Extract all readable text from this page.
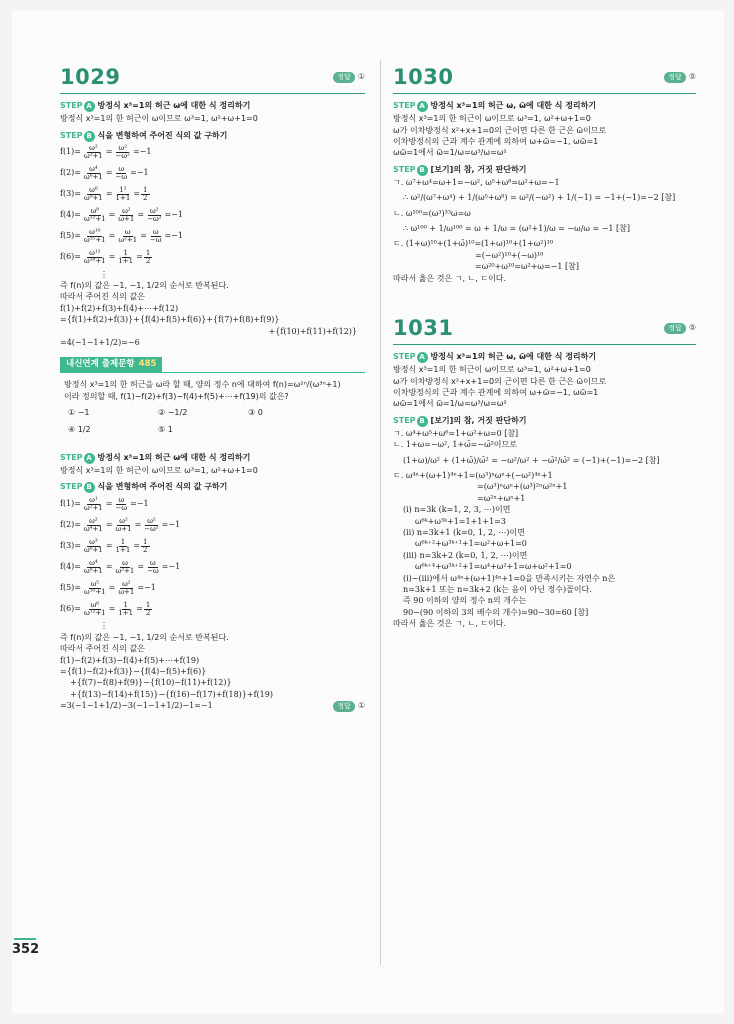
352
1029	정답 ①
STEP A 방정식 x³=1의 허근 ω에 대한 식 정리하기
방정식 x³=1의 한 허근이 ω이므로 ω³=1, ω²+ω+1=0
STEP B 식을 변형하여 주어진 식의 값 구하기
$f(1)= \frac{\text{ω²}}{\text{ω³+1}} = \frac{\text{ω²}}{\text{−ω²}} =-1$
$f(2)= \frac{\text{ω⁴}}{\text{ω⁶+1}} = \frac{\omega}{-\omega} =-1$
$f(3)= \frac{\text{ω⁶}}{\text{ω⁹+1}} = \frac{\text{1²}}{1+1} = \frac{1}{2}$
$f(4)= \frac{\text{ω⁸}}{\text{ω¹²+1}} = \frac{\text{ω²}}{\omega+1} = \frac{\text{ω²}}{\text{−ω²}} =-1$
$f(5)= \frac{\text{ω¹⁰}}{\text{ω¹⁵+1}} = \frac{\omega}{\text{ω²+1}} = \frac{\omega}{-\omega} =-1$
$f(6)= \frac{\text{ω¹²}}{\text{ω¹⁸+1}} = \frac{1}{1+1} = \frac{1}{2}$
⋮
즉 f(n)의 값은 −1, −1, 1/2의 순서로 반복된다.
따라서 주어진 식의 값은
f(1)+f(2)+f(3)+f(4)+⋯+f(12)
={f(1)+f(2)+f(3)}+{f(4)+f(5)+f(6)}+{f(7)+f(8)+f(9)}
+{f(10)+f(11)+f(12)}
=4(−1−1+1/2)=−6
내신연계 출제문항 485
방정식 x³=1의 한 허근을 ω라 할 때, 양의 정수 n에 대하여 f(n)=ω²ⁿ/(ω³ⁿ+1)
이라 정의할 때, f(1)−f(2)+f(3)−f(4)+f(5)+⋯+f(19)의 값은?
① −1	② −1/2	③ 0
④ 1/2	⑤ 1
STEP A 방정식 x³=1의 허근 ω에 대한 식 정리하기
방정식 x³=1의 한 허근이 ω이므로 ω³=1, ω²+ω+1=0
STEP B 식을 변형하여 주어진 식의 값 구하기
$f(1)= \frac{\text{ω¹}}{\text{ω²+1}} = \frac{\omega}{-\omega} =-1$
$f(2)= \frac{\text{ω²}}{\text{ω⁴+1}} = \frac{\text{ω²}}{\omega+1} = \frac{\text{ω²}}{\text{−ω²}} =-1$
$f(3)= \frac{\text{ω³}}{\text{ω⁶+1}} = \frac{1}{1+1} = \frac{1}{2}$
$f(4)= \frac{\text{ω⁴}}{\text{ω⁸+1}} = \frac{\omega}{\text{ω²+1}} = \frac{\omega}{-\omega} =-1$
$f(5)= \frac{\text{ω⁵}}{\text{ω¹⁰+1}} = \frac{\text{ω²}}{\omega+1} =-1$
$f(6)= \frac{\text{ω⁶}}{\text{ω¹²+1}} = \frac{1}{1+1} = \frac{1}{2}$
⋮
즉 f(n)의 값은 −1, −1, 1/2의 순서로 반복된다.
따라서 주어진 식의 값은
f(1)−f(2)+f(3)−f(4)+f(5)+⋯+f(19)
={f(1)−f(2)+f(3)}−{f(4)−f(5)+f(6)}
+{f(7)−f(8)+f(9)}−{f(10)−f(11)+f(12)}
+{f(13)−f(14)+f(15)}−{f(16)−f(17)+f(18)}+f(19)
=3(−1−1+1/2)−3(−1−1+1/2)−1=−1	정답 ①
1030	정답 ⑤
STEP A 방정식 x³=1의 허근 ω, ω̄에 대한 식 정리하기
방정식 x³=1의 한 허근이 ω이므로 ω³=1, ω²+ω+1=0
ω가 이차방정식 x²+x+1=0의 근이면 다른 한 근은 ω̄이므로
이차방정식의 근과 계수 관계에 의하여 ω+ω̄=−1, ωω̄=1
ωω̄=1에서 ω̄=1/ω=ω³/ω=ω²
STEP B [보기]의 참, 거짓 판단하기
ㄱ. ω⁷+ω⁴=ω+1=−ω², ω⁵+ω⁸=ω²+ω=−1
∴ ω²/(ω⁷+ω⁴) + 1/(ω⁵+ω⁸) = ω²/(−ω²) + 1/(−1) = −1+(−1)=−2 [참]
ㄴ. ω¹⁰⁰=(ω³)³³ω=ω
∴ ω¹⁰⁰ + 1/ω¹⁰⁰ = ω + 1/ω = (ω²+1)/ω = −ω/ω = −1 [참]
ㄷ. (1+ω)¹⁰+(1+ω̄)¹⁰=(1+ω)¹⁰+(1+ω²)¹⁰
=(−ω²)¹⁰+(−ω)¹⁰
=ω²⁰+ω¹⁰=ω²+ω=−1 [참]
따라서 옳은 것은 ㄱ, ㄴ, ㄷ이다.
1031	정답 ⑤
STEP A 방정식 x³=1의 허근 ω, ω̄에 대한 식 정리하기
방정식 x³=1의 한 허근이 ω이므로 ω³=1, ω²+ω+1=0
ω가 이차방정식 x²+x+1=0의 근이면 다른 한 근은 ω̄이므로
이차방정식의 근과 계수 관계에 의하여 ω+ω̄=−1, ωω̄=1
ωω̄=1에서 ω̄=1/ω=ω³/ω=ω²
STEP B [보기]의 참, 거짓 판단하기
ㄱ. ω⁴+ω⁵+ω⁶=1+ω²+ω=0 [참]
ㄴ. 1+ω=−ω², 1+ω̄=−ω̄²이므로
(1+ω)/ω² + (1+ω̄)/ω̄² = −ω²/ω² + −ω̄²/ω̄² = (−1)+(−1)=−2 [참]
ㄷ. ω⁴ⁿ+(ω+1)⁴ⁿ+1=(ω³)ⁿωⁿ+(−ω²)⁴ⁿ+1
=(ω³)ⁿωⁿ+(ω³)²ⁿω²ⁿ+1
=ω²ⁿ+ωⁿ+1
(ⅰ) n=3k (k=1, 2, 3, ⋯)이면
ω⁶ᵏ+ω³ᵏ+1=1+1+1=3
(ⅱ) n=3k+1 (k=0, 1, 2, ⋯)이면
ω⁶ᵏ⁺²+ω³ᵏ⁺¹+1=ω²+ω+1=0
(ⅲ) n=3k+2 (k=0, 1, 2, ⋯)이면
ω⁶ᵏ⁺⁴+ω³ᵏ⁺²+1=ω⁴+ω²+1=ω+ω²+1=0
(ⅰ)~(ⅲ)에서 ω⁴ⁿ+(ω+1)⁴ⁿ+1=0을 만족시키는 자연수 n은
n=3k+1 또는 n=3k+2 (k는 음이 아닌 정수)꼴이다.
즉 90 이하의 양의 정수 n의 개수는
90−(90 이하의 3의 배수의 개수)=90−30=60 [참]
따라서 옳은 것은 ㄱ, ㄴ, ㄷ이다.
